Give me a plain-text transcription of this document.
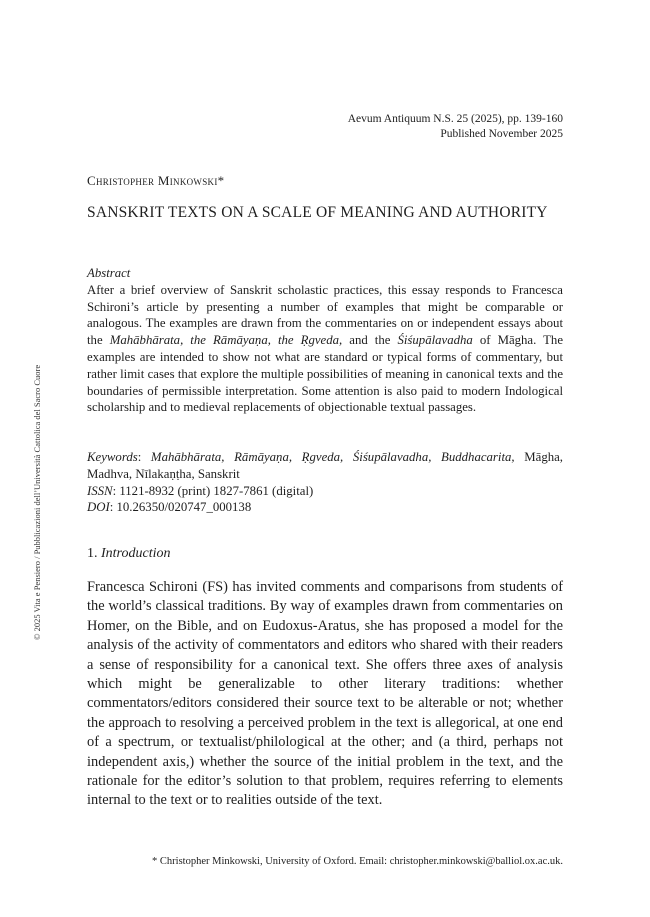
Aevum Antiquum N.S. 25 (2025), pp. 139-160
Published November 2025
Christopher Minkowski*
SANSKRIT TEXTS ON A SCALE OF MEANING AND AUTHORITY
Abstract
After a brief overview of Sanskrit scholastic practices, this essay responds to Francesca Schironi’s article by presenting a number of examples that might be comparable or analogous. The examples are drawn from the commentaries on or independent essays about the Mahābhārata, the Rāmāyaṇa, the Ṛgveda, and the Śiśupālavadha of Māgha. The examples are intended to show not what are standard or typical forms of commentary, but rather limit cases that explore the multiple possibilities of meaning in canonical texts and the boundaries of permissible interpretation. Some attention is also paid to modern Indological scholarship and to medieval replacements of objectionable textual passages.
Keywords: Mahābhārata, Rāmāyaṇa, Ṛgveda, Śiśupālavadha, Buddhacarita, Māgha, Madhva, Nīlakaṇṭha, Sanskrit
ISSN: 1121-8932 (print) 1827-7861 (digital)
DOI: 10.26350/020747_000138
1. Introduction
Francesca Schironi (FS) has invited comments and comparisons from students of the world’s classical traditions. By way of examples drawn from commentaries on Homer, on the Bible, and on Eudoxus-Aratus, she has proposed a model for the analysis of the activity of commentators and editors who shared with their readers a sense of responsibility for a canonical text. She offers three axes of analysis which might be generalizable to other literary traditions: whether commentators/editors considered their source text to be alterable or not; whether the approach to resolving a perceived problem in the text is allegorical, at one end of a spectrum, or textualist/philological at the other; and (a third, perhaps not independent axis,) whether the source of the initial problem in the text, and the rationale for the editor’s solution to that problem, requires referring to elements internal to the text or to realities outside of the text.
* Christopher Minkowski, University of Oxford. Email: christopher.minkowski@balliol.ox.ac.uk.
© 2025 Vita e Pensiero / Pubblicazioni dell’Università Cattolica del Sacro Cuore
